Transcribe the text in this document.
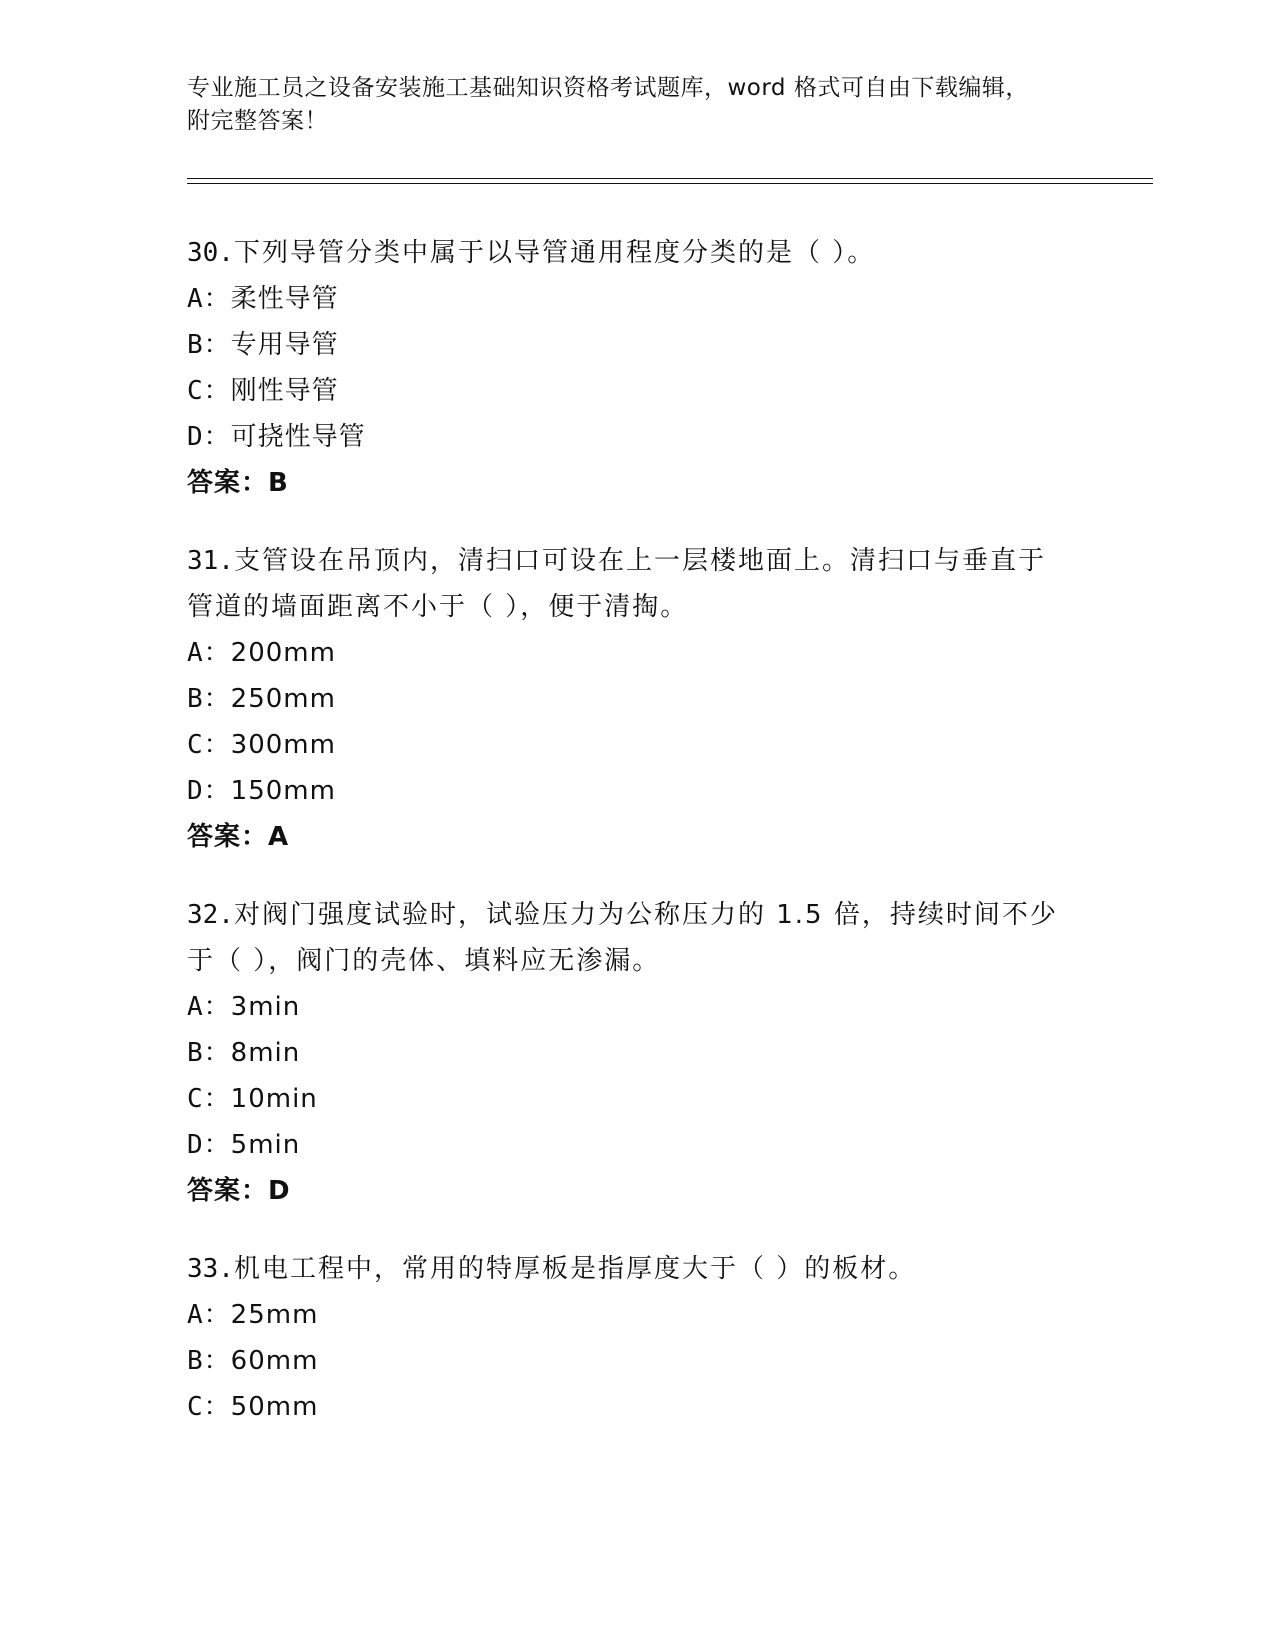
专业施工员之设备安装施工基础知识资格考试题库，word 格式可自由下载编辑，
附完整答案！
30.下列导管分类中属于以导管通用程度分类的是（ ）。
A：柔性导管
B：专用导管
C：刚性导管
D：可挠性导管
答案：B
31.支管设在吊顶内，清扫口可设在上一层楼地面上。清扫口与垂直于
管道的墙面距离不小于（ ），便于清掏。
A：200mm
B：250mm
C：300mm
D：150mm
答案：A
32.对阀门强度试验时，试验压力为公称压力的 1.5 倍，持续时间不少
于（ ），阀门的壳体、填料应无渗漏。
A：3min
B：8min
C：10min
D：5min
答案：D
33.机电工程中，常用的特厚板是指厚度大于（ ）的板材。
A：25mm
B：60mm
C：50mm
